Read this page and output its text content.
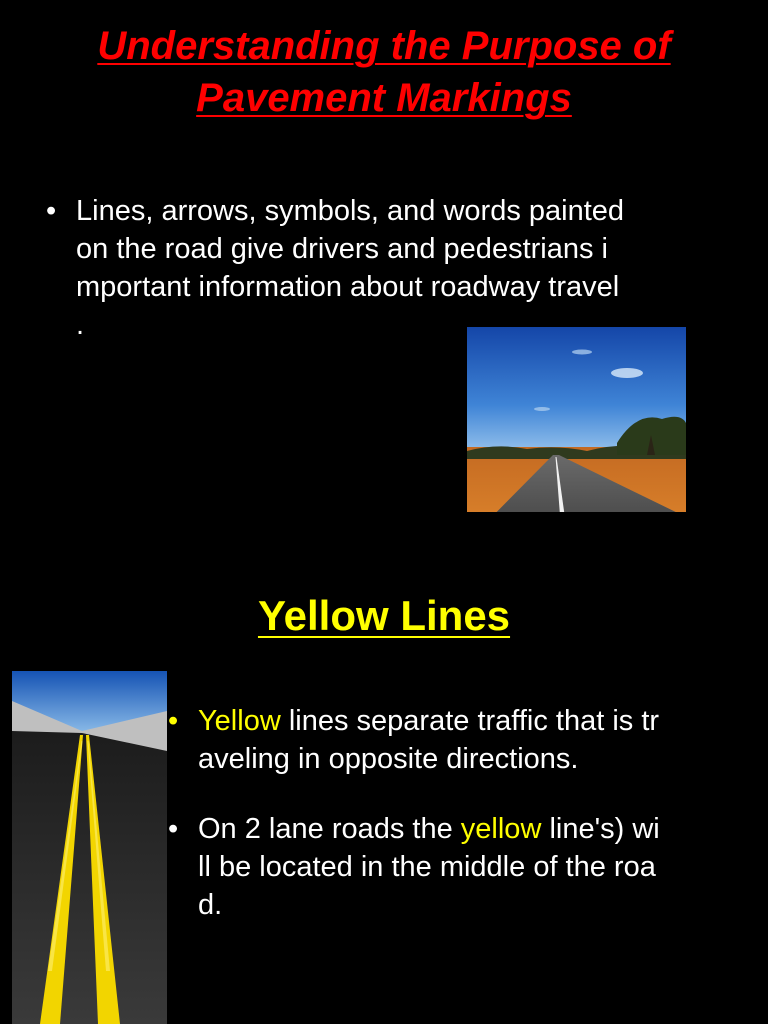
Understanding the Purpose of
Pavement Markings
• Lines, arrows, symbols, and words painted
on the road give drivers and pedestrians i
mportant information about roadway travel
.
Yellow Lines
• Yellow lines separate traffic that is tr
aveling in opposite directions.
• On 2 lane roads the yellow line's) wi
ll be located in the middle of the roa
d.
